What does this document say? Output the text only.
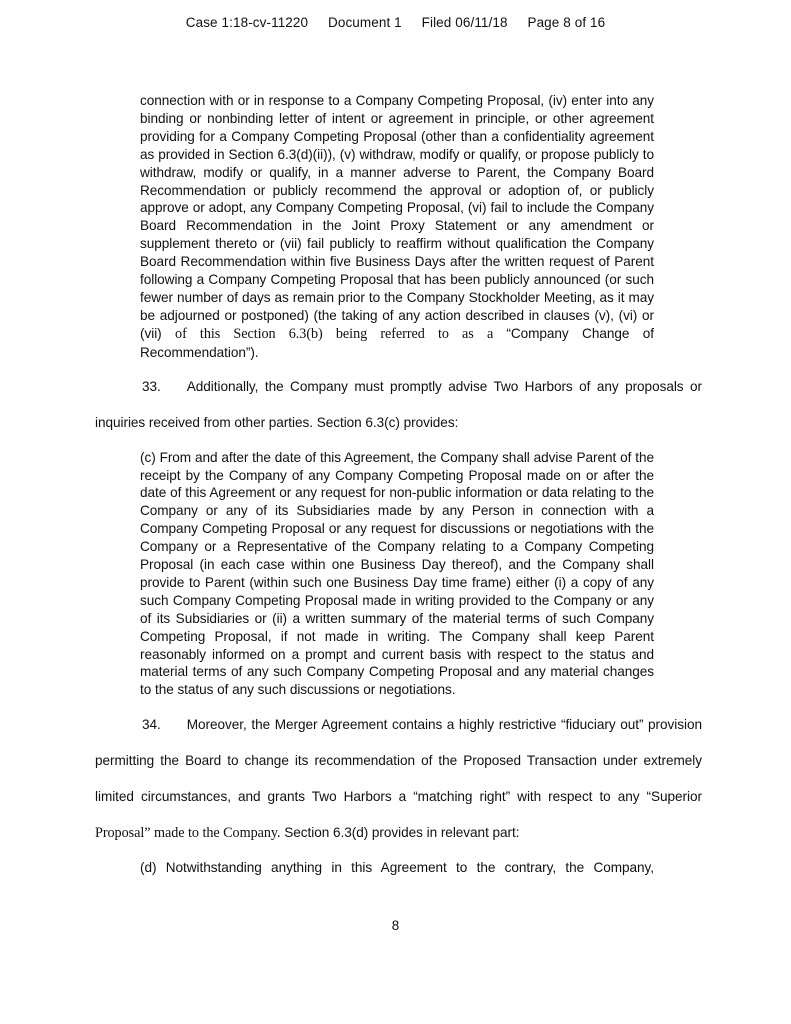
Case 1:18-cv-11220 Document 1 Filed 06/11/18 Page 8 of 16
connection with or in response to a Company Competing Proposal, (iv) enter into any binding or nonbinding letter of intent or agreement in principle, or other agreement providing for a Company Competing Proposal (other than a confidentiality agreement as provided in Section 6.3(d)(ii)), (v) withdraw, modify or qualify, or propose publicly to withdraw, modify or qualify, in a manner adverse to Parent, the Company Board Recommendation or publicly recommend the approval or adoption of, or publicly approve or adopt, any Company Competing Proposal, (vi) fail to include the Company Board Recommendation in the Joint Proxy Statement or any amendment or supplement thereto or (vii) fail publicly to reaffirm without qualification the Company Board Recommendation within five Business Days after the written request of Parent following a Company Competing Proposal that has been publicly announced (or such fewer number of days as remain prior to the Company Stockholder Meeting, as it may be adjourned or postponed) (the taking of any action described in clauses (v), (vi) or (vii) of this Section 6.3(b) being referred to as a “Company Change of Recommendation”).

33. Additionally, the Company must promptly advise Two Harbors of any proposals or inquiries received from other parties. Section 6.3(c) provides:

(c) From and after the date of this Agreement, the Company shall advise Parent of the receipt by the Company of any Company Competing Proposal made on or after the date of this Agreement or any request for non-public information or data relating to the Company or any of its Subsidiaries made by any Person in connection with a Company Competing Proposal or any request for discussions or negotiations with the Company or a Representative of the Company relating to a Company Competing Proposal (in each case within one Business Day thereof), and the Company shall provide to Parent (within such one Business Day time frame) either (i) a copy of any such Company Competing Proposal made in writing provided to the Company or any of its Subsidiaries or (ii) a written summary of the material terms of such Company Competing Proposal, if not made in writing. The Company shall keep Parent reasonably informed on a prompt and current basis with respect to the status and material terms of any such Company Competing Proposal and any material changes to the status of any such discussions or negotiations.

34. Moreover, the Merger Agreement contains a highly restrictive “fiduciary out” provision permitting the Board to change its recommendation of the Proposed Transaction under extremely limited circumstances, and grants Two Harbors a “matching right” with respect to any “Superior Proposal” made to the Company. Section 6.3(d) provides in relevant part:

(d) Notwithstanding anything in this Agreement to the contrary, the Company,
8
